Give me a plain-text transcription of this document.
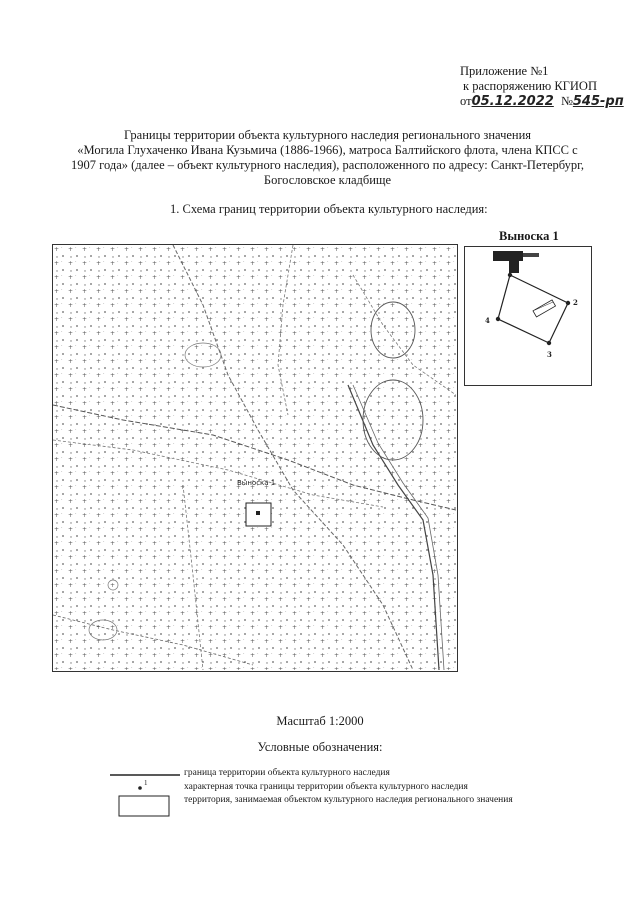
Приложение №1
к распоряжению КГИОП
от05.12.2022 №545-рп
Границы территории объекта культурного наследия регионального значения
«Могила Глухаченко Ивана Кузьмича (1886-1966), матроса Балтийского флота, члена КПСС с
1907 года» (далее – объект культурного наследия), расположенного по адресу: Санкт-Петербург,
Богословское кладбище
1. Схема границ территории объекта культурного наследия:
Выноска 1
Выноска 1
1
2
3
4
Масштаб 1:2000
Условные обозначения:
граница территории объекта культурного наследия
1	характерная точка границы территории объекта культурного наследия
территория, занимаемая объектом культурного наследия регионального значения
